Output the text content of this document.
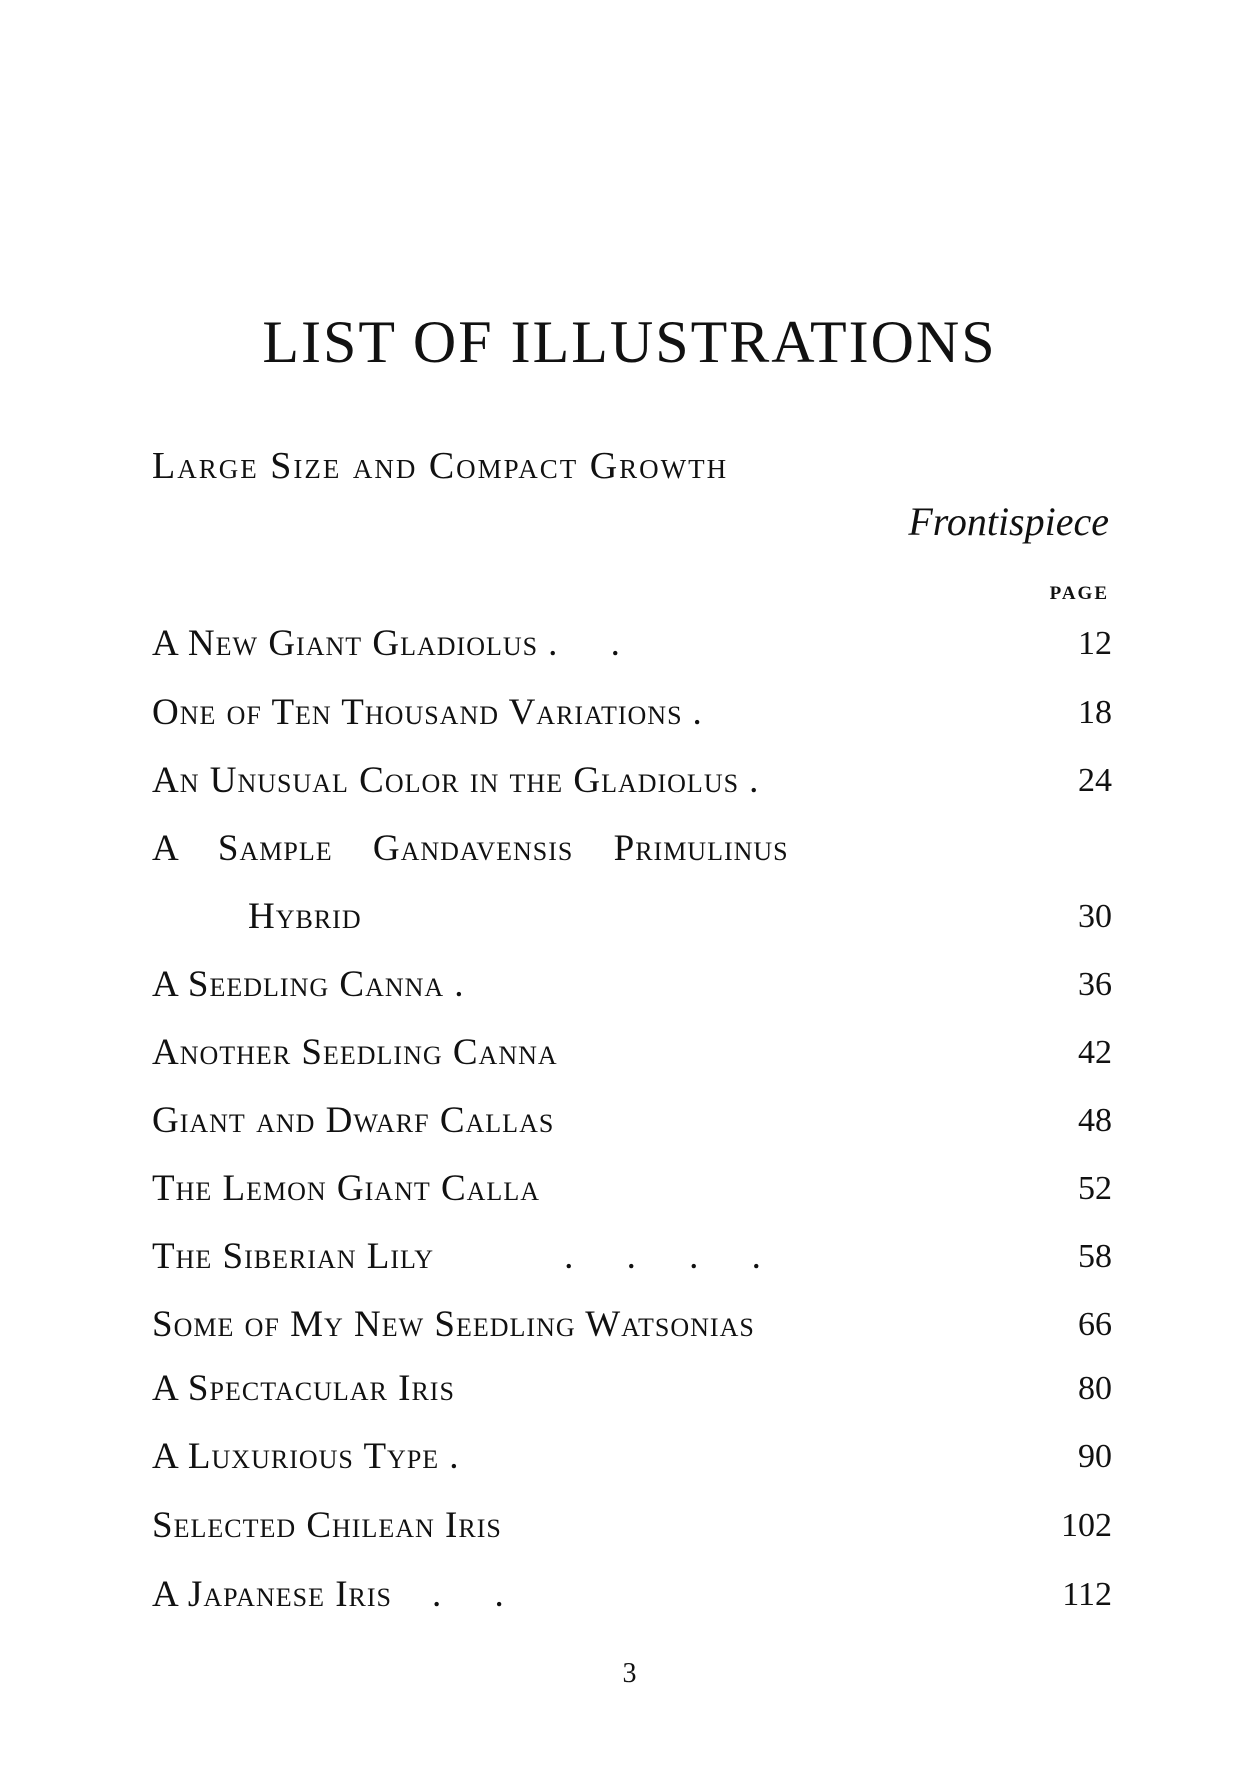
LIST OF ILLUSTRATIONS
Large Size and Compact Growth
Frontispiece
PAGE
A New Giant Gladiolus . .	12
One of Ten Thousand Variations .	18
An Unusual Color in the Gladiolus .	24
A Sample Gandavensis Primulinus
Hybrid	30
A Seedling Canna .	36
Another Seedling Canna	42
Giant and Dwarf Callas	48
The Lemon Giant Calla	52
The Siberian Lily	. . . .	58
Some of My New Seedling Watsonias	66
A Spectacular Iris	80
A Luxurious Type .	90
Selected Chilean Iris	102
A Japanese Iris . .	112
3
